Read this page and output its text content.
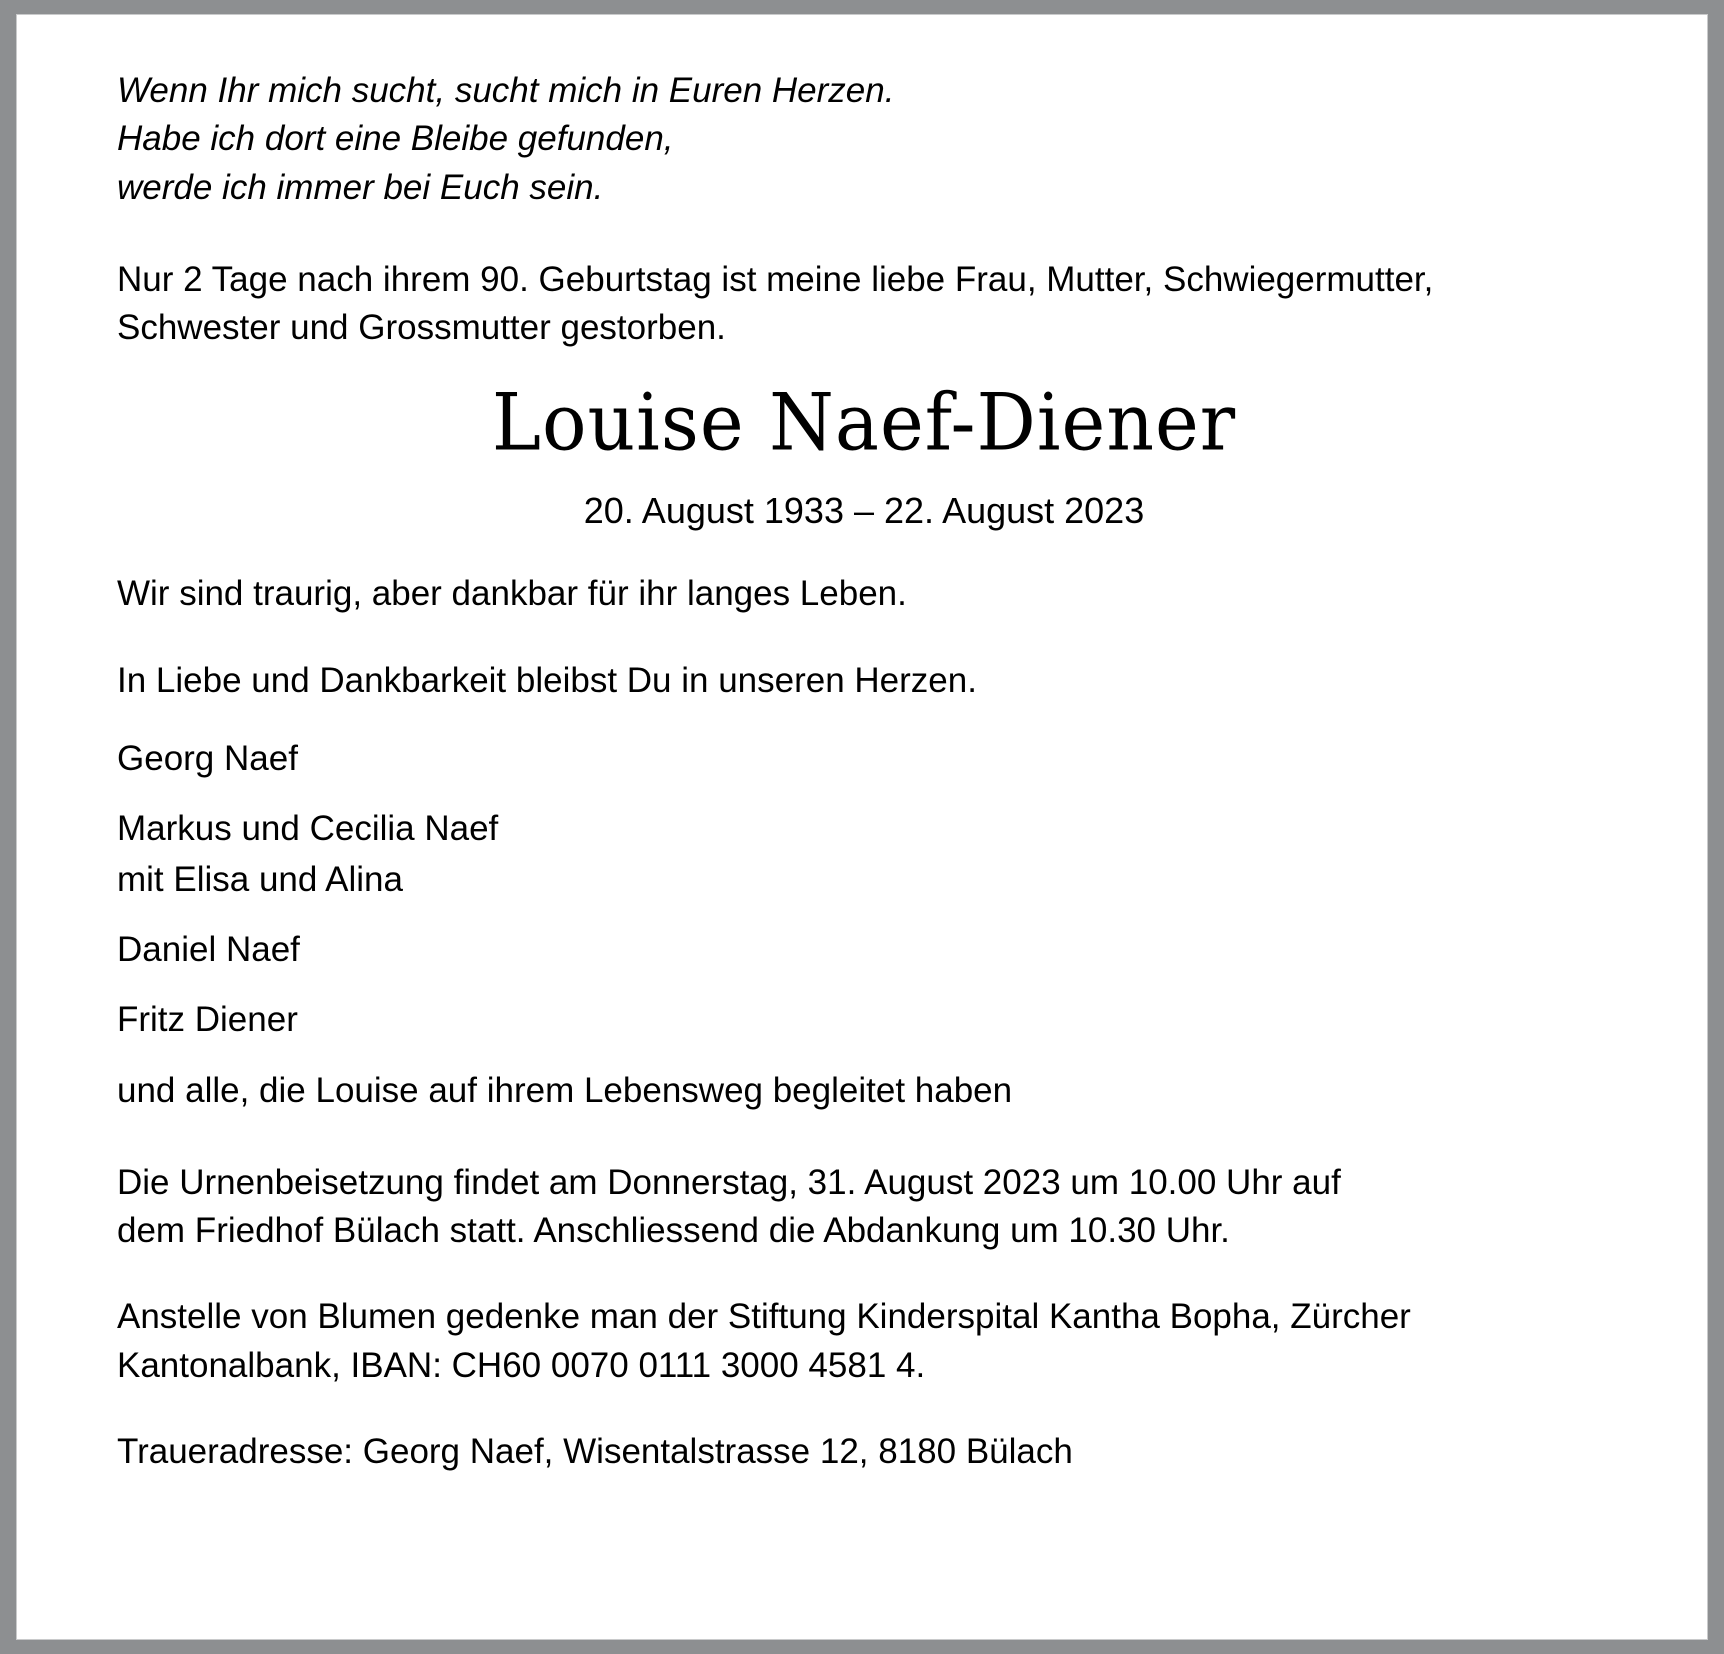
Wenn Ihr mich sucht, sucht mich in Euren Herzen.
Habe ich dort eine Bleibe gefunden,
werde ich immer bei Euch sein.
Nur 2 Tage nach ihrem 90. Geburtstag ist meine liebe Frau, Mutter, Schwiegermutter,
Schwester und Grossmutter gestorben.
Louise Naef-Diener
20. August 1933 – 22. August 2023
Wir sind traurig, aber dankbar für ihr langes Leben.
In Liebe und Dankbarkeit bleibst Du in unseren Herzen.
Georg Naef
Markus und Cecilia Naef
mit Elisa und Alina
Daniel Naef
Fritz Diener
und alle, die Louise auf ihrem Lebensweg begleitet haben
Die Urnenbeisetzung findet am Donnerstag, 31. August 2023 um 10.00 Uhr auf
dem Friedhof Bülach statt. Anschliessend die Abdankung um 10.30 Uhr.
Anstelle von Blumen gedenke man der Stiftung Kinderspital Kantha Bopha, Zürcher
Kantonalbank, IBAN: CH60 0070 0111 3000 4581 4.
Traueradresse: Georg Naef, Wisentalstrasse 12, 8180 Bülach
